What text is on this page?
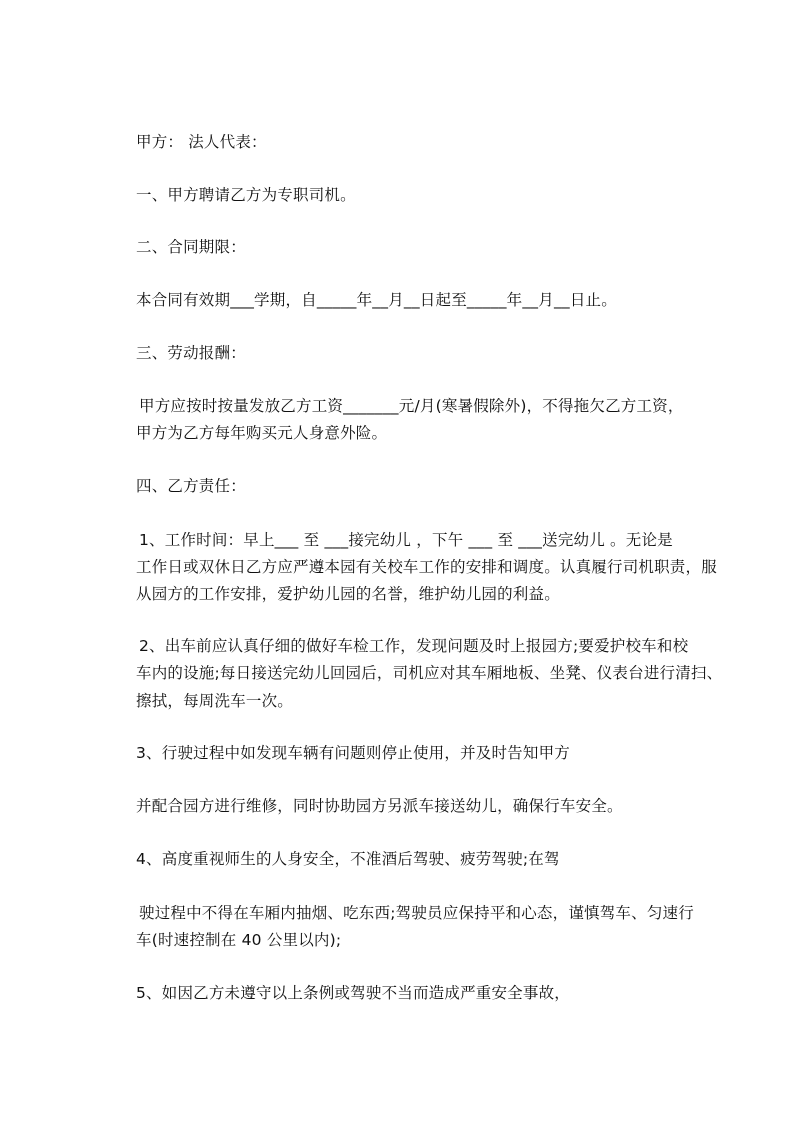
甲方： 法人代表：
一、甲方聘请乙方为专职司机。
二、合同期限：
本合同有效期___学期，自_____年__月__日起至_____年__月__日止。
三、劳动报酬：
甲方应按时按量发放乙方工资_______元/月(寒暑假除外)，不得拖欠乙方工资，
甲方为乙方每年购买元人身意外险。
四、乙方责任：
1、工作时间：早上___ 至 ___接完幼儿 ，下午 ___ 至 ___送完幼儿 。无论是
工作日或双休日乙方应严遵本园有关校车工作的安排和调度。认真履行司机职责，服
从园方的工作安排，爱护幼儿园的名誉，维护幼儿园的利益。
2、出车前应认真仔细的做好车检工作，发现问题及时上报园方;要爱护校车和校
车内的设施;每日接送完幼儿回园后，司机应对其车厢地板、坐凳、仪表台进行清扫、
擦拭，每周洗车一次。
3、行驶过程中如发现车辆有问题则停止使用，并及时告知甲方
并配合园方进行维修，同时协助园方另派车接送幼儿，确保行车安全。
4、高度重视师生的人身安全，不准酒后驾驶、疲劳驾驶;在驾
驶过程中不得在车厢内抽烟、吃东西;驾驶员应保持平和心态，谨慎驾车、匀速行
车(时速控制在 40 公里以内);
5、如因乙方未遵守以上条例或驾驶不当而造成严重安全事故，
